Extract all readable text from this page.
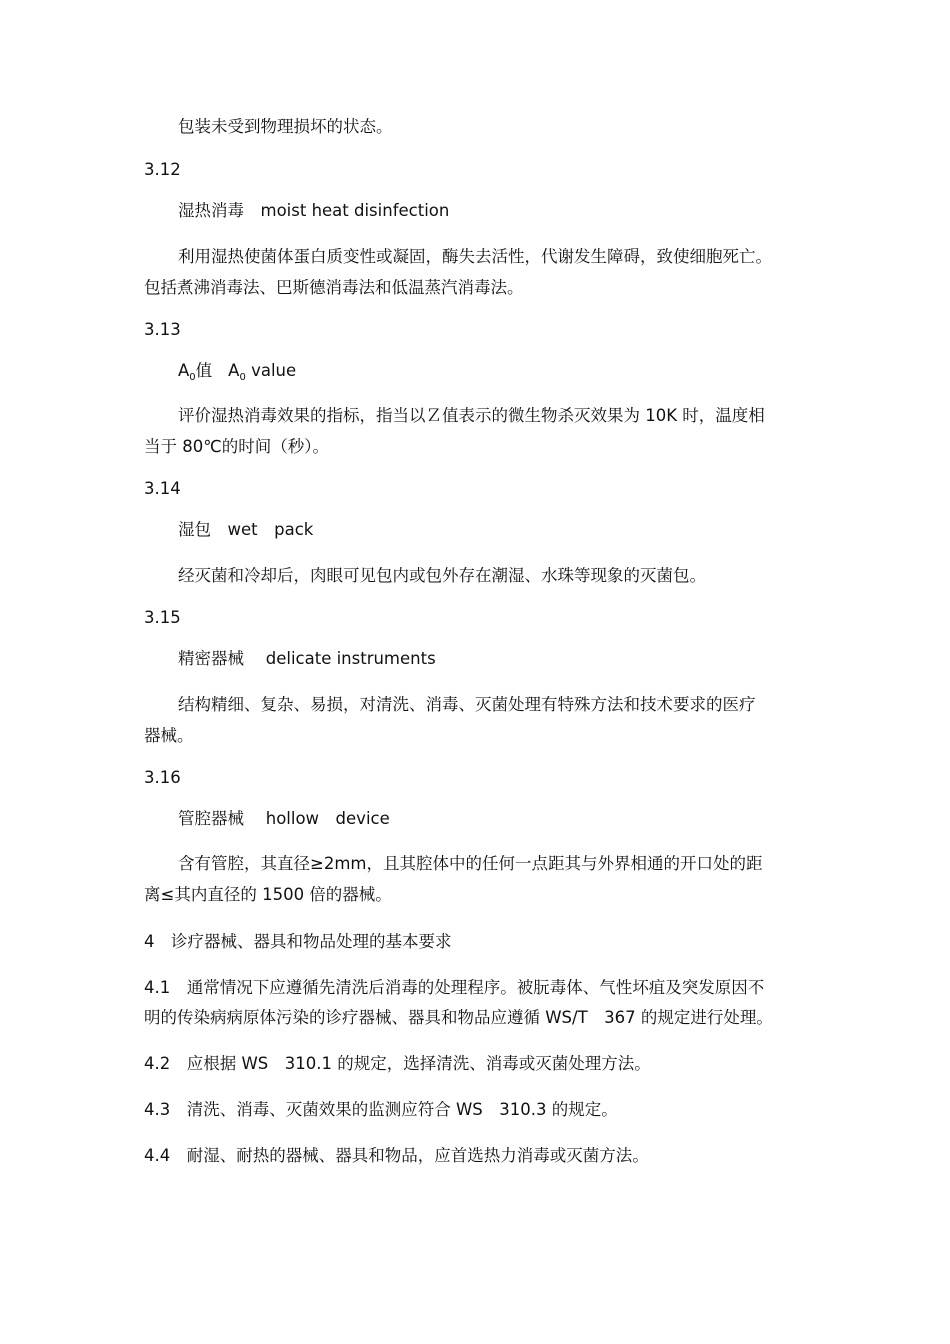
包装未受到物理损坏的状态。
3.12
湿热消毒　moist heat disinfection
利用湿热使菌体蛋白质变性或凝固，酶失去活性，代谢发生障碍，致使细胞死亡。
包括煮沸消毒法、巴斯德消毒法和低温蒸汽消毒法。
3.13
$A_0$值 $A_0$ value
评价湿热消毒效果的指标，指当以Ｚ值表示的微生物杀灭效果为 10K 时，温度相
当于 80℃的时间（秒）。
3.14
湿包　wet　pack
经灭菌和冷却后，肉眼可见包内或包外存在潮湿、水珠等现象的灭菌包。
3.15
精密器械　 delicate instruments
结构精细、复杂、易损，对清洗、消毒、灭菌处理有特殊方法和技术要求的医疗
器械。
3.16
管腔器械　 hollow　device
含有管腔，其直径≥2mm，且其腔体中的任何一点距其与外界相通的开口处的距
离≤其内直径的 1500 倍的器械。
4　诊疗器械、器具和物品处理的基本要求
4.1　通常情况下应遵循先清洗后消毒的处理程序。被朊毒体、气性坏疽及突发原因不
明的传染病病原体污染的诊疗器械、器具和物品应遵循 WS/T　367 的规定进行处理。
4.2　应根据 WS　310.1 的规定，选择清洗、消毒或灭菌处理方法。
4.3　清洗、消毒、灭菌效果的监测应符合 WS　310.3 的规定。
4.4　耐湿、耐热的器械、器具和物品，应首选热力消毒或灭菌方法。
